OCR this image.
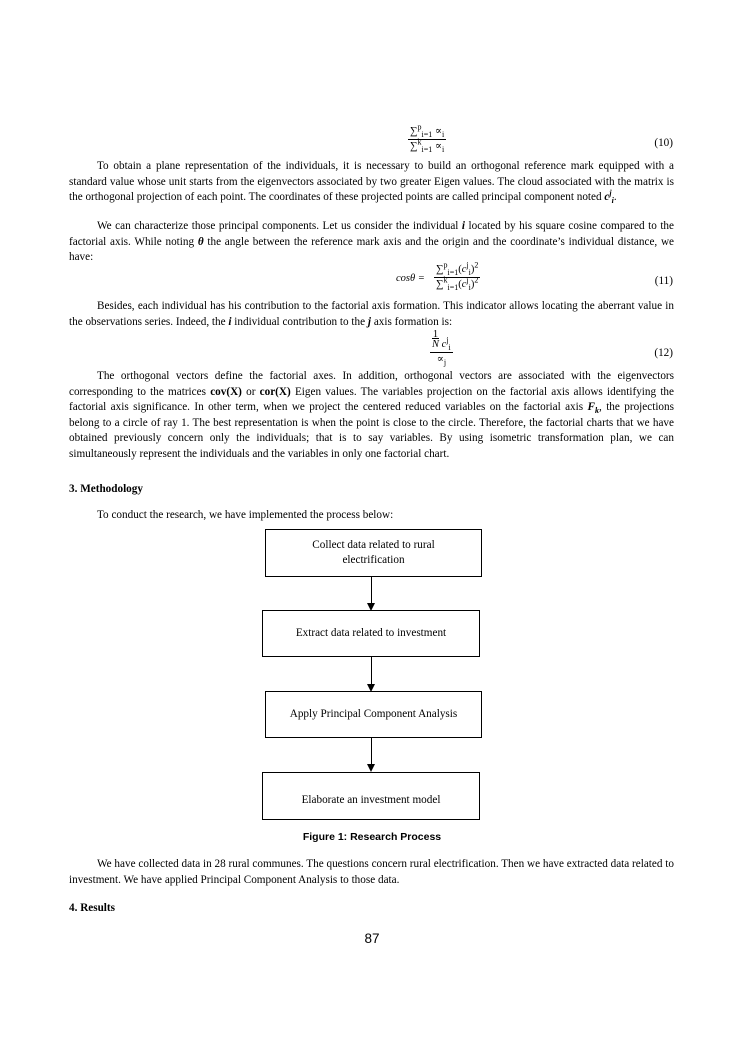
$\frac{\sum^p_{i=1} \propto_i}{\sum^k_{i=1} \propto_i}$	(10)

To obtain a plane representation of the individuals, it is necessary to build an orthogonal reference mark equipped with a standard value whose unit starts from the eigenvectors associated by two greater Eigen values. The cloud associated with the matrix is the orthogonal projection of each point. The coordinates of these projected points are called principal component noted $c^j_i$.

We can characterize those principal components. Let us consider the individual i located by his square cosine compared to the factorial axis. While noting θ the angle between the reference mark axis and the origin and the coordinate’s individual distance, we have:

cosθ =
$\sum^p_{i=1}(c^j_i)^2$
$\sum^k_{i=1}(c^j_i)^2$	(11)

Besides, each individual has his contribution to the factorial axis formation. This indicator allows locating the aberrant value in the observations series. Indeed, the i individual contribution to the j axis formation is:

$\frac{1}{N} c^j_i$
$\propto_j$
(12)

The orthogonal vectors define the factorial axes. In addition, orthogonal vectors are associated with the eigenvectors corresponding to the matrices cov(X) or cor(X) Eigen values. The variables projection on the factorial axis allows identifying the factorial axis significance. In other term, when we project the centered reduced variables on the factorial axis $F_k$, the projections belong to a circle of ray 1. The best representation is when the point is close to the circle. Therefore, the factorial charts that we have obtained previously concern only the individuals; that is to say variables. By using isometric transformation plan, we can simultaneously represent the individuals and the variables in only one factorial chart.

3. Methodology

To conduct the research, we have implemented the process below:

Collect data related to rural electrification
Extract data related to investment
Apply Principal Component Analysis
Elaborate an investment model
Figure 1: Research Process

We have collected data in 28 rural communes. The questions concern rural electrification. Then we have extracted data related to investment. We have applied Principal Component Analysis to those data.

4. Results
87
